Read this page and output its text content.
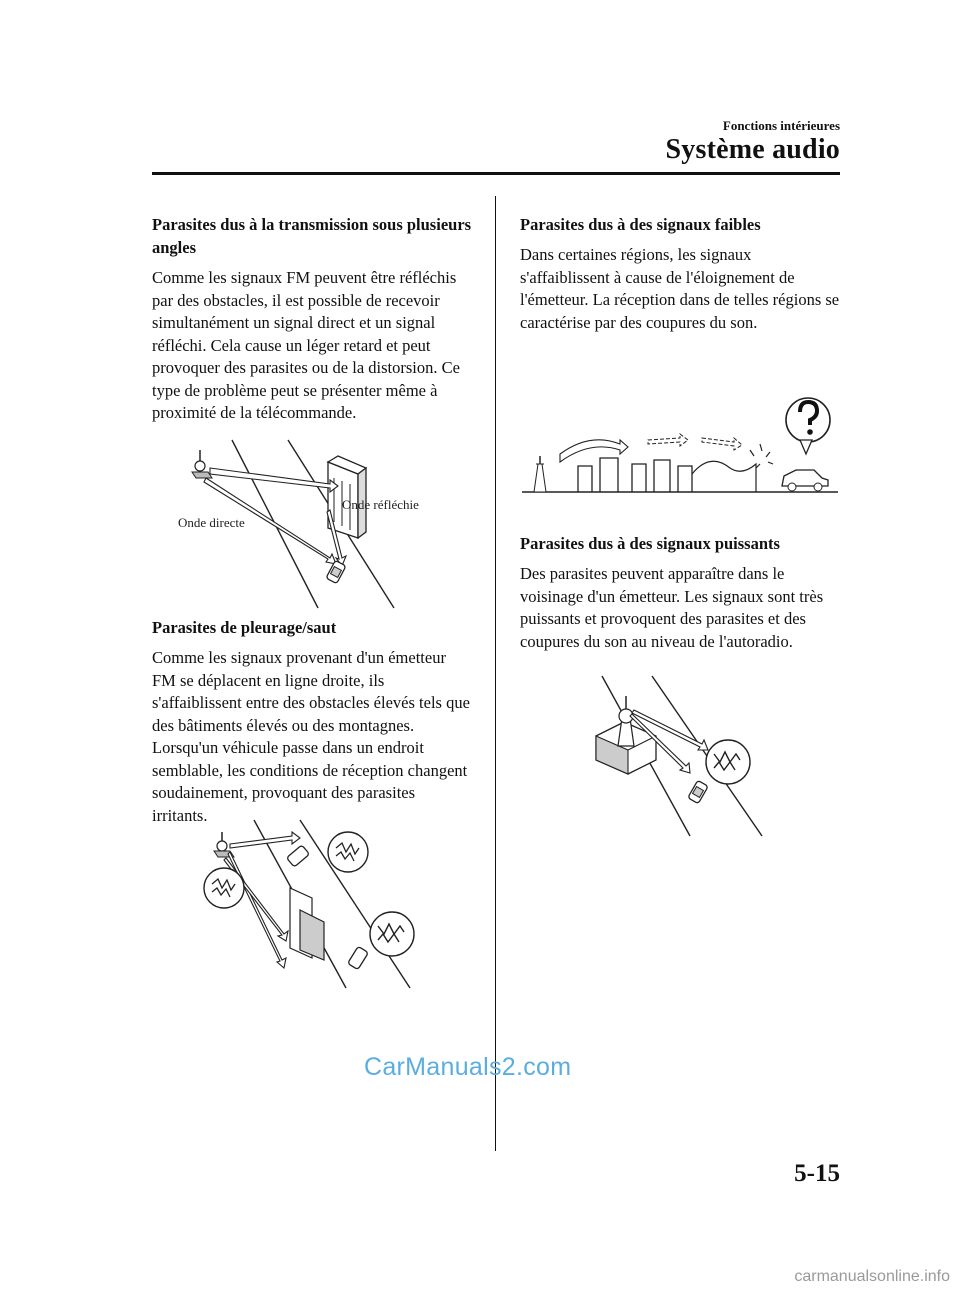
Fonctions intérieures
Système audio

Parasites dus à la transmission sous plusieurs angles

Comme les signaux FM peuvent être réfléchis par des obstacles, il est possible de recevoir simultanément un signal direct et un signal réfléchi. Cela cause un léger retard et peut provoquer des parasites ou de la distorsion. Ce type de problème peut se présenter même à proximité de la télécommande.

Onde directe
Onde réfléchie

Parasites de pleurage/saut

Comme les signaux provenant d'un émetteur FM se déplacent en ligne droite, ils s'affaiblissent entre des obstacles élevés tels que des bâtiments élevés ou des montagnes. Lorsqu'un véhicule passe dans un endroit semblable, les conditions de réception changent soudainement, provoquant des parasites irritants.

Parasites dus à des signaux faibles

Dans certaines régions, les signaux s'affaiblissent à cause de l'éloignement de l'émetteur. La réception dans de telles régions se caractérise par des coupures du son.

Parasites dus à des signaux puissants

Des parasites peuvent apparaître dans le voisinage d'un émetteur. Les signaux sont très puissants et provoquent des parasites et des coupures du son au niveau de l'autoradio.

CarManuals2.com
5-15
carmanualsonline.info
